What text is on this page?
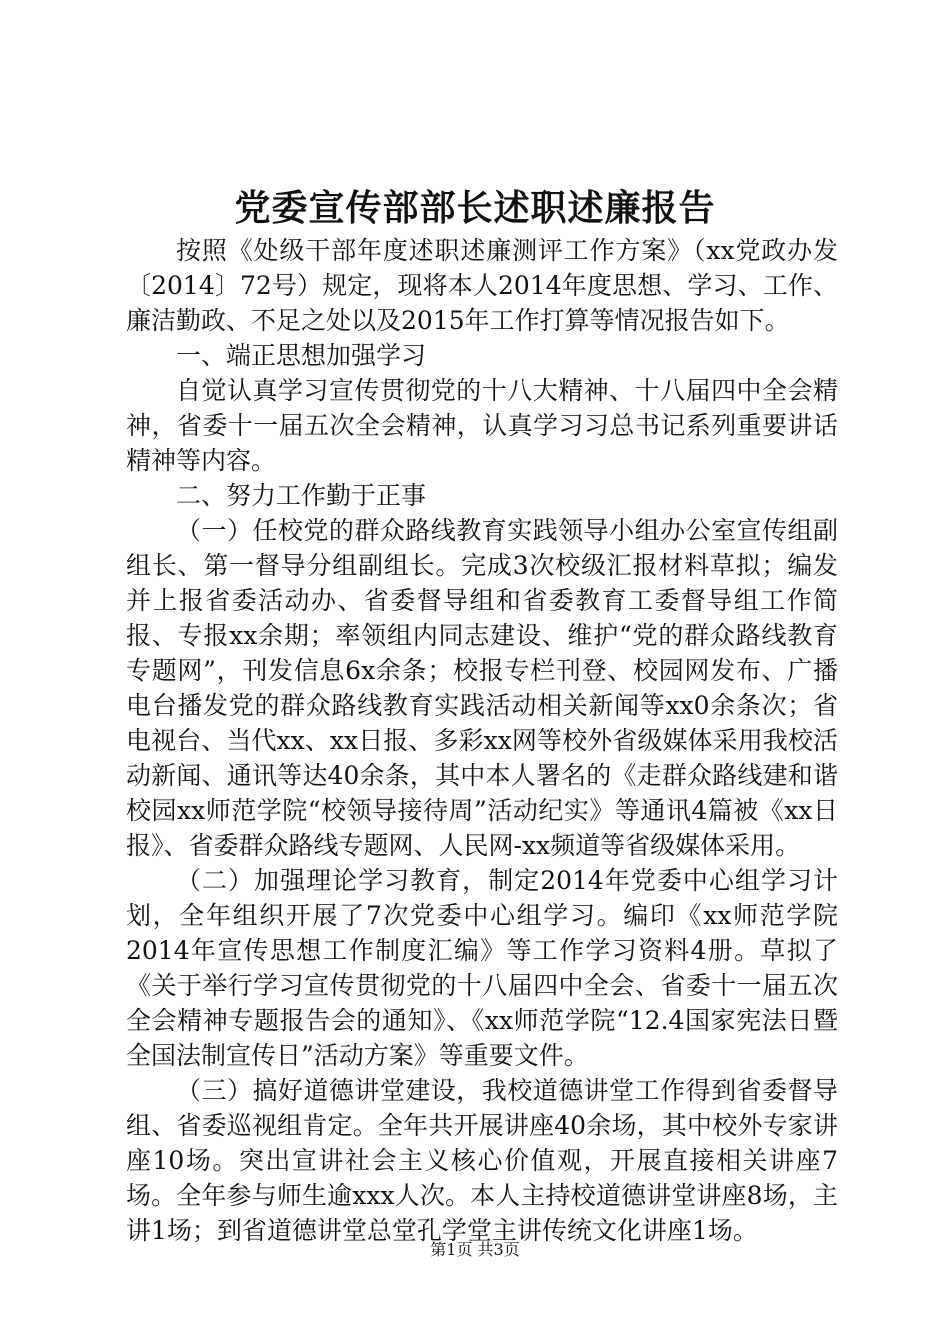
党委宣传部部长述职述廉报告

按照《处级干部年度述职述廉测评工作方案》（xx党政办发〔2014〕72号）规定，现将本人2014年度思想、学习、工作、廉洁勤政、不足之处以及2015年工作打算等情况报告如下。

一、端正思想加强学习

自觉认真学习宣传贯彻党的十八大精神、十八届四中全会精神，省委十一届五次全会精神，认真学习习总书记系列重要讲话精神等内容。

二、努力工作勤于正事

（一）任校党的群众路线教育实践领导小组办公室宣传组副组长、第一督导分组副组长。完成3次校级汇报材料草拟；编发并上报省委活动办、省委督导组和省委教育工委督导组工作简报、专报xx余期；率领组内同志建设、维护“党的群众路线教育专题网”，刊发信息6x余条；校报专栏刊登、校园网发布、广播电台播发党的群众路线教育实践活动相关新闻等xx0余条次；省电视台、当代xx、xx日报、多彩xx网等校外省级媒体采用我校活动新闻、通讯等达40余条，其中本人署名的《走群众路线建和谐校园xx师范学院“校领导接待周”活动纪实》等通讯4篇被《xx日报》、省委群众路线专题网、人民网-xx频道等省级媒体采用。

（二）加强理论学习教育，制定2014年党委中心组学习计划，全年组织开展了7次党委中心组学习。编印《xx师范学院2014年宣传思想工作制度汇编》等工作学习资料4册。草拟了《关于举行学习宣传贯彻党的十八届四中全会、省委十一届五次全会精神专题报告会的通知》、《xx师范学院“12.4国家宪法日暨全国法制宣传日”活动方案》等重要文件。

（三）搞好道德讲堂建设，我校道德讲堂工作得到省委督导组、省委巡视组肯定。全年共开展讲座40余场，其中校外专家讲座10场。突出宣讲社会主义核心价值观，开展直接相关讲座7场。全年参与师生逾xxx人次。本人主持校道德讲堂讲座8场，主讲1场；到省道德讲堂总堂孔学堂主讲传统文化讲座1场。

第1页 共3页
